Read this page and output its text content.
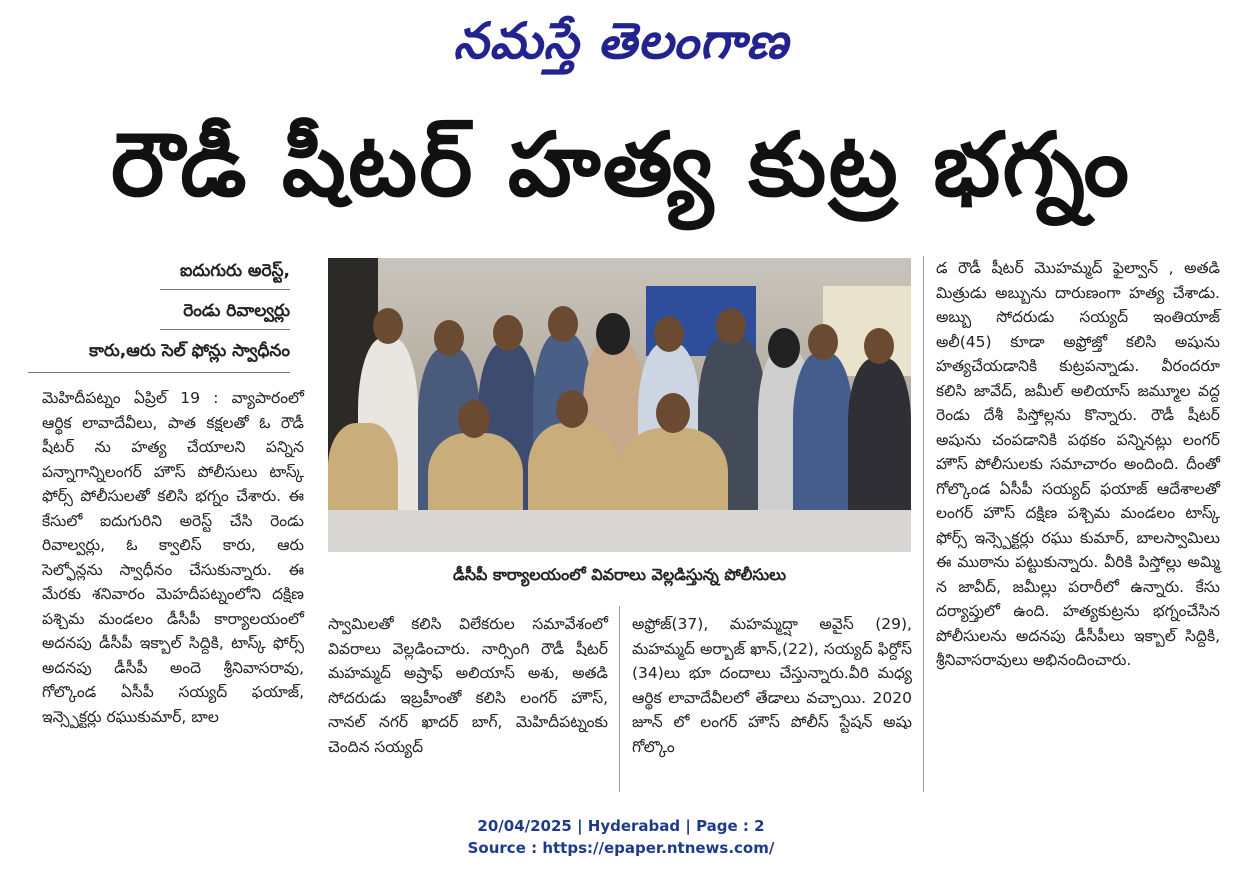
నమస్తే తెలంగాణ
రౌడీ షీటర్ హత్య కుట్ర భగ్నం
ఐదుగురు అరెస్ట్,
రెండు రివాల్వర్లు
కారు,ఆరు సెల్ ఫోన్లు స్వాధీనం
మెహిదీపట్నం ఏప్రిల్ 19 : వ్యాపారంలో ఆర్థిక లావాదేవీలు, పాత కక్షలతో ఓ రౌడీ షీటర్ ను హత్య చేయాలని పన్నిన పన్నాగాన్నిలంగర్ హౌస్ పోలీసులు టాస్క్ ఫోర్స్ పోలీసులతో కలిసి భగ్నం చేశారు. ఈ కేసులో ఐదుగురిని అరెస్ట్ చేసి రెండు రివాల్వర్లు, ఓ క్వాలిస్ కారు, ఆరు సెల్ఫోన్లను స్వాధీనం చేసుకున్నారు. ఈ మేరకు శనివారం మెహదీపట్నంలోని దక్షిణ పశ్చిమ మండలం డీసీపీ కార్యాలయంలో అదనపు డీసీపీ ఇక్బాల్ సిద్దికి, టాస్క్ ఫోర్స్ అదనపు డీసీపీ అందె శ్రీనివాసరావు, గోల్కొండ ఏసీపీ సయ్యద్ ఫయాజ్, ఇన్స్పెక్టర్లు రఘుకుమార్, బాల
డీసీపీ కార్యాలయంలో వివరాలు వెల్లడిస్తున్న పోలీసులు
స్వామిలతో కలిసి విలేకరుల సమావేశంలో వివరాలు వెల్లడించారు. నార్సింగి రౌడీ షీటర్ మహమ్మద్ అష్రాఫ్ అలియాస్ అశు, అతడి సోదరుడు ఇబ్రహీంతో కలిసి లంగర్ హౌస్, నానల్ నగర్ ఖాదర్ బాగ్, మెహిదీపట్నంకు చెందిన సయ్యద్
అఫ్రోజ్(37), మహమ్మద్షా అవైస్ (29), మహమ్మద్ అర్బాజ్ ఖాన్,(22), సయ్యద్ ఫిర్దోస్ (34)లు భూ దందాలు చేస్తున్నారు.వీరి మధ్య ఆర్థిక లావాదేవీలలో తేడాలు వచ్చాయి. 2020 జూన్ లో లంగర్ హౌస్ పోలీస్ స్టేషన్ అషు గోల్కొం
డ రౌడీ షీటర్ మొహమ్మద్ ఫైల్వాన్ , అతడి మిత్రుడు అబ్బును దారుణంగా హత్య చేశాడు. అబ్బు సోదరుడు సయ్యద్ ఇంతియాజ్ అలీ(45) కూడా అఫ్రోజ్తో కలిసి అషును హత్యచేయడానికి కుట్రపన్నాడు. వీరందరూ కలిసి జావేద్, జమీల్ అలియాస్ జమ్మూల వద్ద రెండు దేశీ పిస్తోల్లను కొన్నారు. రౌడీ షీటర్ అషును చంపడానికి పథకం పన్నినట్లు లంగర్ హౌస్ పోలీసులకు సమాచారం అందింది. దీంతో గోల్కొండ ఏసీపీ సయ్యద్ ఫయాజ్ ఆదేశాలతో లంగర్ హౌస్ దక్షిణ పశ్చిమ మండలం టాస్క్ ఫోర్స్ ఇన్స్పెక్టర్లు రఘు కుమార్, బాలస్వామిలు ఈ ముఠాను పట్టుకున్నారు. వీరికి పిస్తోల్లు అమ్మి న జావీద్, జమీల్లు పరారీలో ఉన్నారు. కేసు దర్యాప్తులో ఉంది. హత్యకుట్రను భగ్నంచేసిన పోలీసులను అదనపు డీసీపీలు ఇక్బాల్ సిద్దికి, శ్రీనివాసరావులు అభినందించారు.
20/04/2025 | Hyderabad | Page : 2
Source : https://epaper.ntnews.com/
